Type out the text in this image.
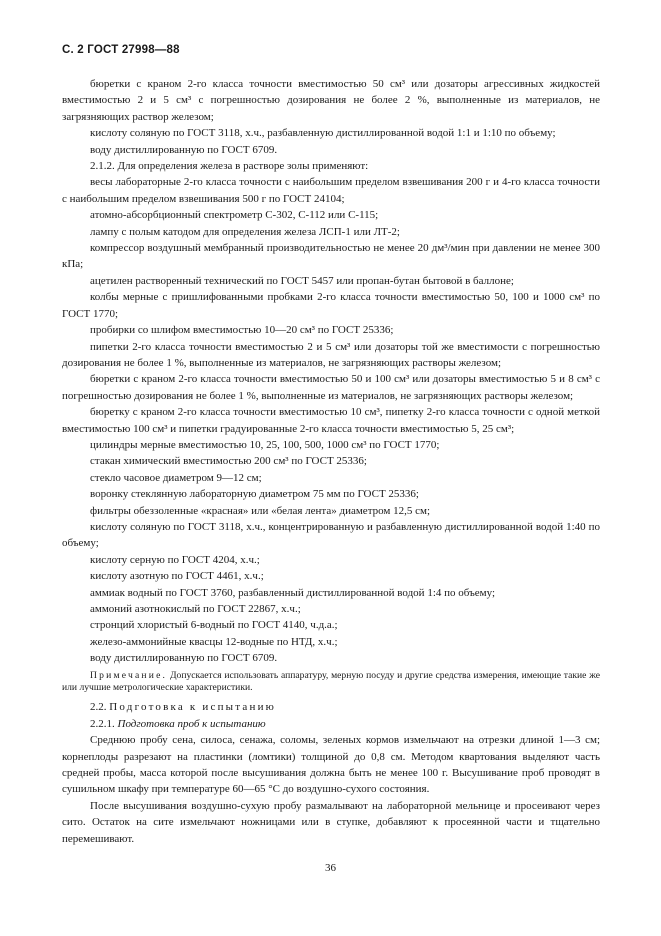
С. 2 ГОСТ 27998—88

бюретки с краном 2-го класса точности вместимостью 50 см³ или дозаторы агрессивных жидкостей вместимостью 2 и 5 см³ с погрешностью дозирования не более 2 %, выполненные из материалов, не загрязняющих раствор железом;

кислоту соляную по ГОСТ 3118, х.ч., разбавленную дистиллированной водой 1:1 и 1:10 по объему;

воду дистиллированную по ГОСТ 6709.

2.1.2. Для определения железа в растворе золы применяют:

весы лабораторные 2-го класса точности с наибольшим пределом взвешивания 200 г и 4-го класса точности с наибольшим пределом взвешивания 500 г по ГОСТ 24104;

атомно-абсорбционный спектрометр С-302, С-112 или С-115;

лампу с полым катодом для определения железа ЛСП-1 или ЛТ-2;

компрессор воздушный мембранный производительностью не менее 20 дм³/мин при давлении не менее 300 кПа;

ацетилен растворенный технический по ГОСТ 5457 или пропан-бутан бытовой в баллоне;

колбы мерные с пришлифованными пробками 2-го класса точности вместимостью 50, 100 и 1000 см³ по ГОСТ 1770;

пробирки со шлифом вместимостью 10—20 см³ по ГОСТ 25336;

пипетки 2-го класса точности вместимостью 2 и 5 см³ или дозаторы той же вместимости с погрешностью дозирования не более 1 %, выполненные из материалов, не загрязняющих растворы железом;

бюретки с краном 2-го класса точности вместимостью 50 и 100 см³ или дозаторы вместимостью 5 и 8 см³ с погрешностью дозирования не более 1 %, выполненные из материалов, не загрязняющих растворы железом;

бюретку с краном 2-го класса точности вместимостью 10 см³, пипетку 2-го класса точности с одной меткой вместимостью 100 см³ и пипетки градуированные 2-го класса точности вместимостью 5, 25 см³;

цилиндры мерные вместимостью 10, 25, 100, 500, 1000 см³ по ГОСТ 1770;

стакан химический вместимостью 200 см³ по ГОСТ 25336;

стекло часовое диаметром 9—12 см;

воронку стеклянную лабораторную диаметром 75 мм по ГОСТ 25336;

фильтры обеззоленные «красная» или «белая лента» диаметром 12,5 см;

кислоту соляную по ГОСТ 3118, х.ч., концентрированную и разбавленную дистиллированной водой 1:40 по объему;

кислоту серную по ГОСТ 4204, х.ч.;

кислоту азотную по ГОСТ 4461, х.ч.;

аммиак водный по ГОСТ 3760, разбавленный дистиллированной водой 1:4 по объему;

аммоний азотнокислый по ГОСТ 22867, х.ч.;

стронций хлористый 6-водный по ГОСТ 4140, ч.д.а.;

железо-аммонийные квасцы 12-водные по НТД, х.ч.;

воду дистиллированную по ГОСТ 6709.

Примечание. Допускается использовать аппаратуру, мерную посуду и другие средства измерения, имеющие такие же или лучшие метрологические характеристики.

2.2. Подготовка к испытанию

2.2.1. Подготовка проб к испытанию

Среднюю пробу сена, силоса, сенажа, соломы, зеленых кормов измельчают на отрезки длиной 1—3 см; корнеплоды разрезают на пластинки (ломтики) толщиной до 0,8 см. Методом квартования выделяют часть средней пробы, масса которой после высушивания должна быть не менее 100 г. Высушивание проб проводят в сушильном шкафу при температуре 60—65 °С до воздушно-сухого состояния.

После высушивания воздушно-сухую пробу размалывают на лабораторной мельнице и просеивают через сито. Остаток на сите измельчают ножницами или в ступке, добавляют к просеянной части и тщательно перемешивают.

36
